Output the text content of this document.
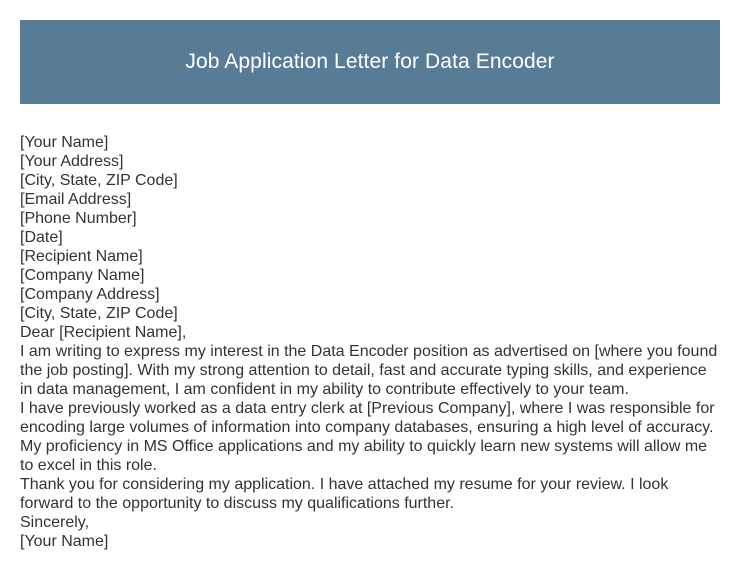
Job Application Letter for Data Encoder

[Your Name]

[Your Address]

[City, State, ZIP Code]

[Email Address]

[Phone Number]

[Date]

[Recipient Name]

[Company Name]

[Company Address]

[City, State, ZIP Code]

Dear [Recipient Name],

I am writing to express my interest in the Data Encoder position as advertised on [where you found the job posting]. With my strong attention to detail, fast and accurate typing skills, and experience in data management, I am confident in my ability to contribute effectively to your team.

I have previously worked as a data entry clerk at [Previous Company], where I was responsible for encoding large volumes of information into company databases, ensuring a high level of accuracy. My proficiency in MS Office applications and my ability to quickly learn new systems will allow me to excel in this role.

Thank you for considering my application. I have attached my resume for your review. I look forward to the opportunity to discuss my qualifications further.

Sincerely,

[Your Name]
